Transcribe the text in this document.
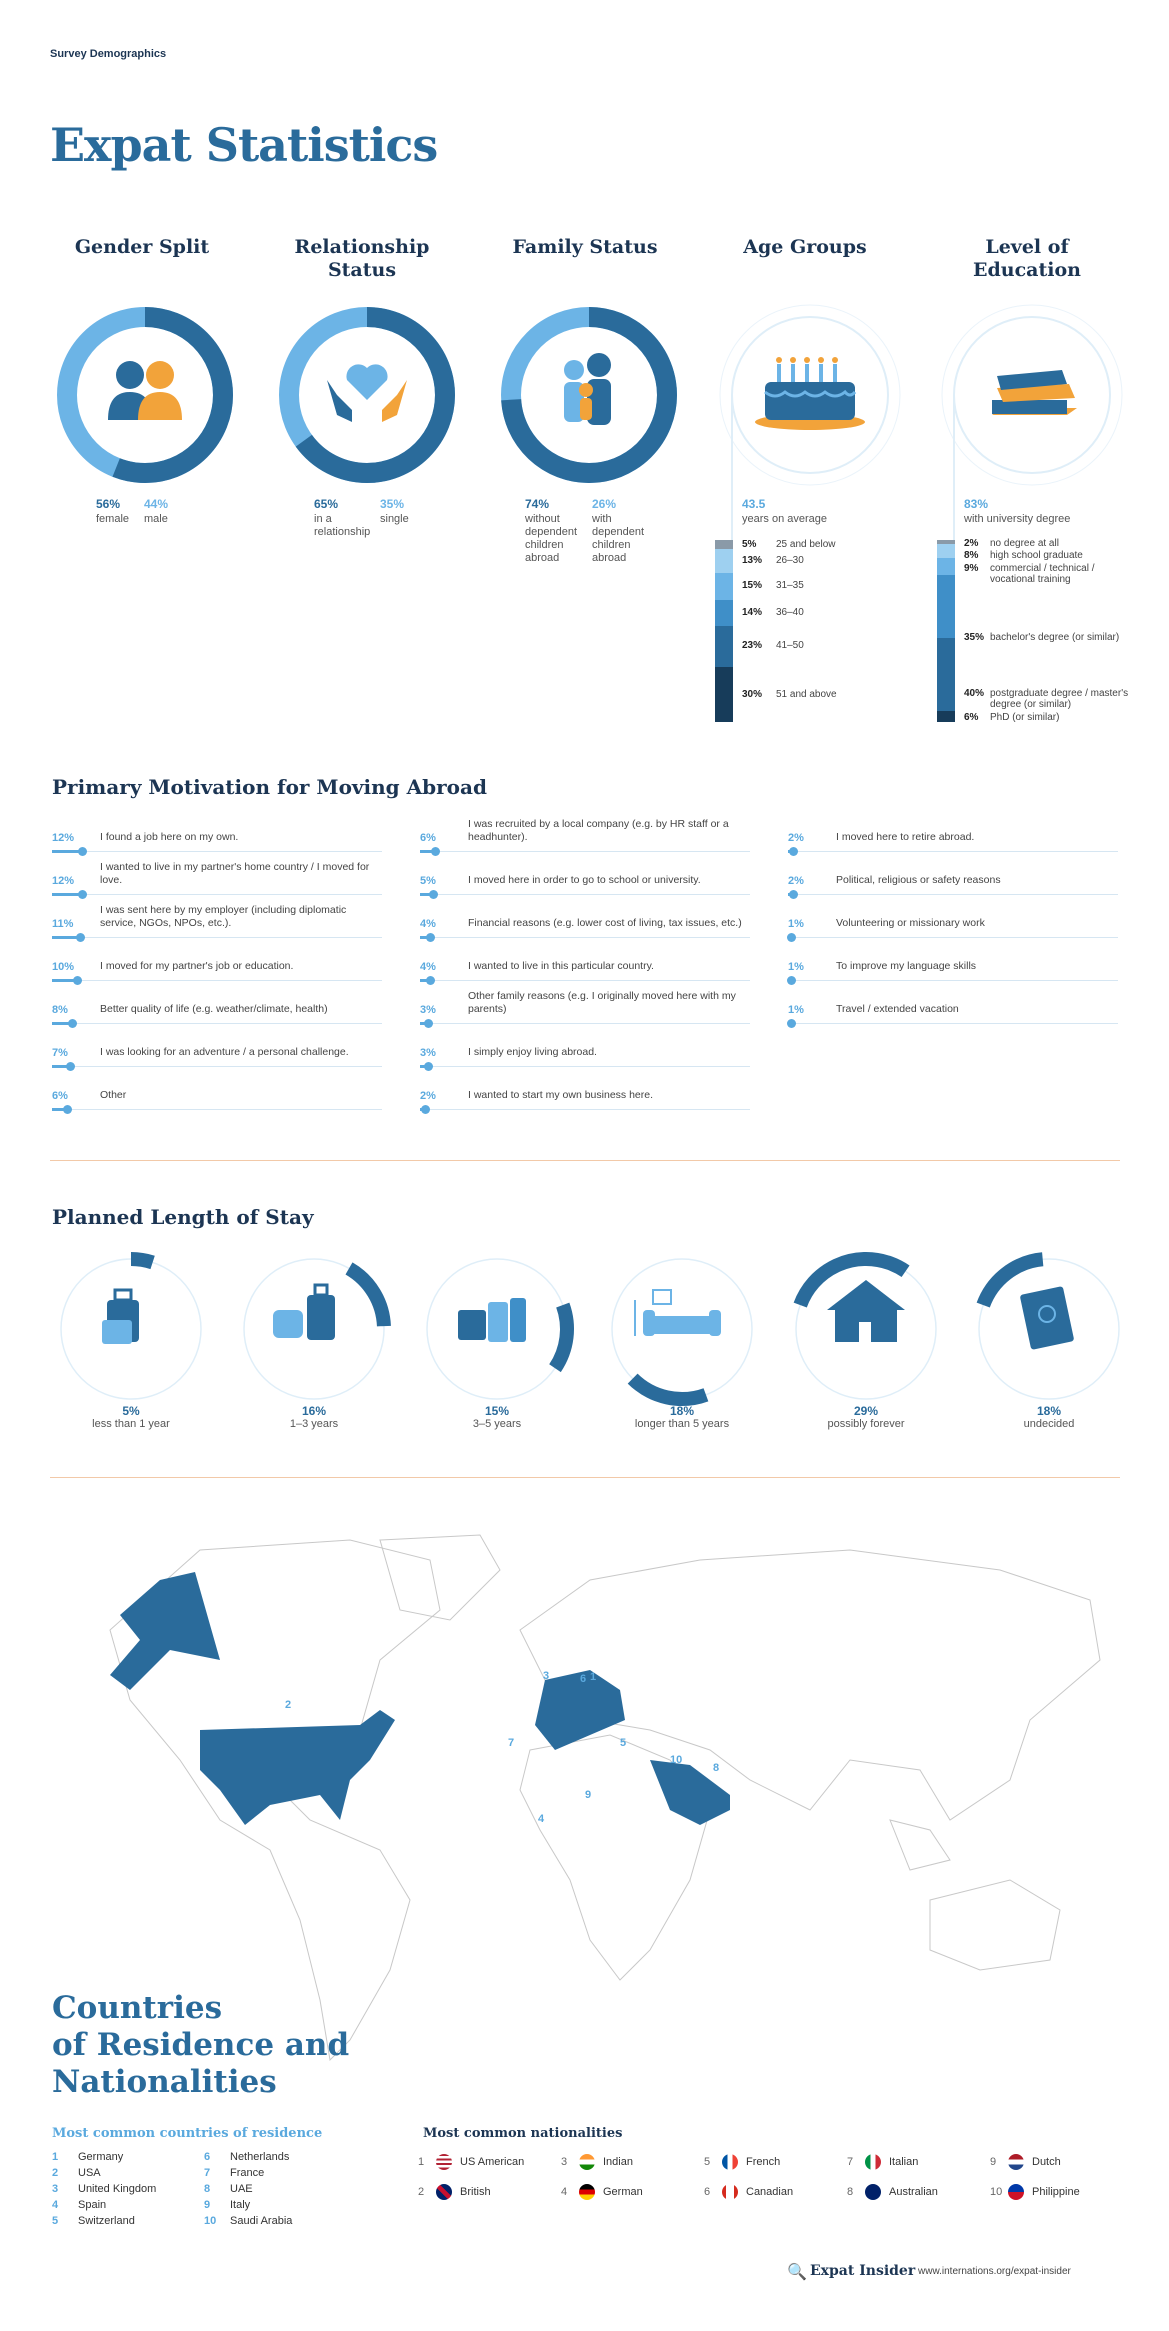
Survey Demographics
Expat Statistics
Gender Split	Relationship Status
Family Status	Age Groups	Level of Education
43.5
years on average
5% 25 and below
13% 26–30
15% 31–35
14% 36–40
23% 41–50
30% 51 and above
83%
with university degree
2% no degree at all
8% high school graduate
9% commercial / technical / vocational training
35% bachelor's degree (or similar)
40% postgraduate degree / master's degree (or similar)
6% PhD (or similar)
56%
female
44%
male
65%
in a relationship
35%
single
74%
without dependent children abroad
26%
with dependent children abroad
Primary Motivation for Moving Abroad
12% I found a job here on my own.
12%
I wanted to live in my partner's home country / I moved for love.
11%
I was sent here by my employer (including diplomatic service, NGOs, NPOs, etc.).
10% I moved for my partner's job or education.
8%	Better quality of life (e.g. weather/climate, health)
7%	I was looking for an adventure / a personal challenge.
6%	Other
6%
I was recruited by a local company (e.g. by HR staff or a headhunter).
5%	I moved here in order to go to school or university.
4%	Financial reasons (e.g. lower cost of living, tax issues, etc.)
4%	I wanted to live in this particular country.
3%
Other family reasons (e.g. I originally moved here with my parents)
3%	I simply enjoy living abroad.
2%	I wanted to start my own business here.
2%	I moved here to retire abroad.
2%	Political, religious or safety reasons
1%	Volunteering or missionary work
1%	To improve my language skills
1%	Travel / extended vacation
Planned Length of Stay
5%
less than 1 year
16%
1–3 years
15%
3–5 years
18%
longer than 5 years
29%
possibly forever
18%
undecided
2
3	1
6
7	5
4
9
10
8
Countries
of Residence and
Nationalities
Most common countries of residence	Most common nationalities
1 Germany
2 USA
3 United Kingdom
4 Spain
5 Switzerland
6 Netherlands
7 France
8 UAE
9 Italy
10 Saudi Arabia
1	US American
2	British
3	Indian
4	German
5	French
6	Canadian
7	Italian
8	Australian
9	Dutch
10	Philippine
🔍 Expat Insider www.internations.org/expat-insider
